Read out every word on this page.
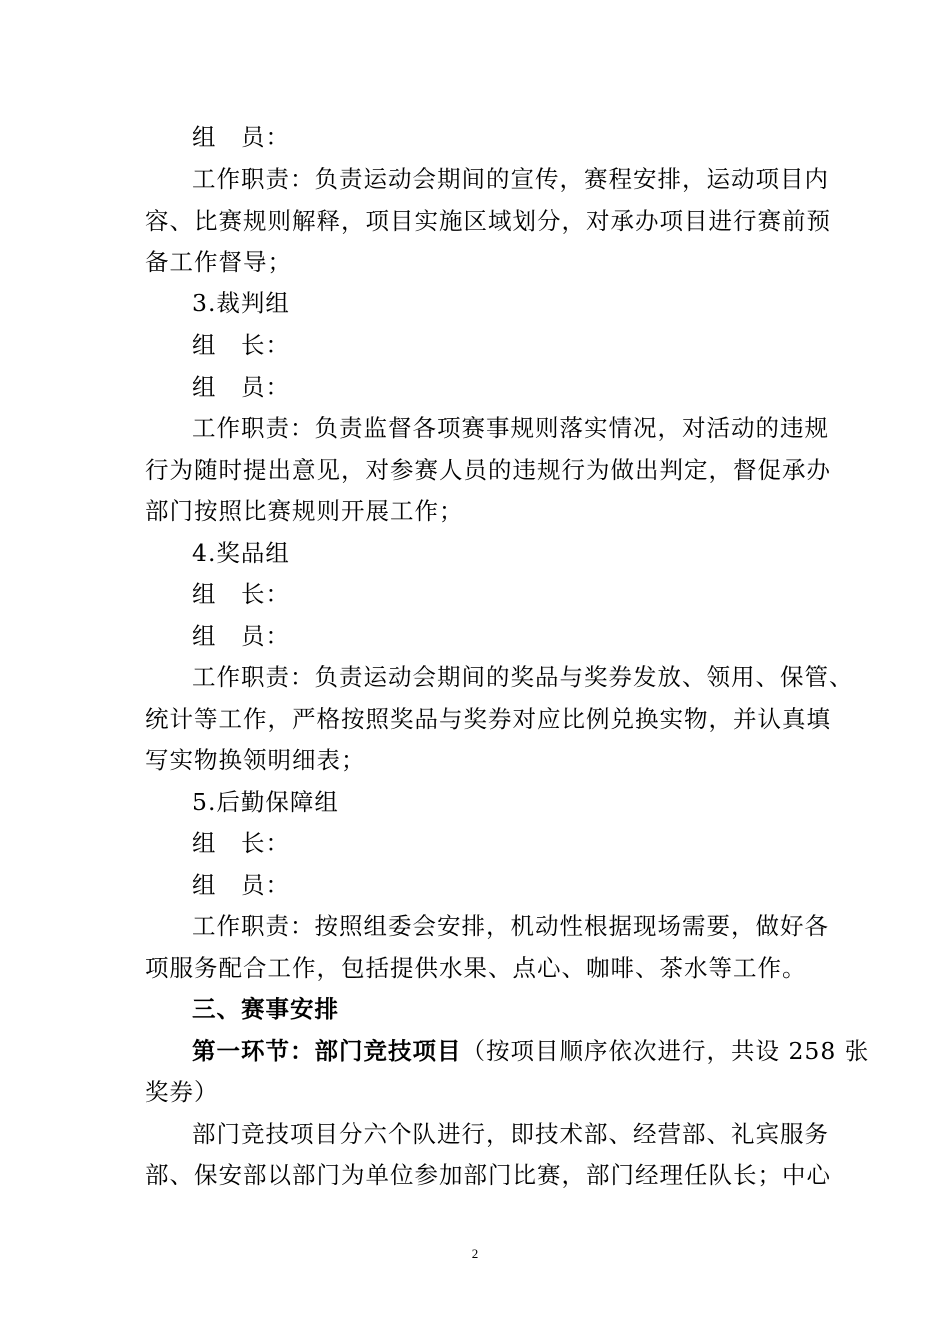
组　员：
工作职责：负责运动会期间的宣传，赛程安排，运动项目内
容、比赛规则解释，项目实施区域划分，对承办项目进行赛前预
备工作督导；
3.裁判组
组　长：
组　员：
工作职责：负责监督各项赛事规则落实情况，对活动的违规
行为随时提出意见，对参赛人员的违规行为做出判定，督促承办
部门按照比赛规则开展工作；
4.奖品组
组　长：
组　员：
工作职责：负责运动会期间的奖品与奖券发放、领用、保管、
统计等工作，严格按照奖品与奖券对应比例兑换实物，并认真填
写实物换领明细表；
5.后勤保障组
组　长：
组　员：
工作职责：按照组委会安排，机动性根据现场需要，做好各
项服务配合工作，包括提供水果、点心、咖啡、茶水等工作。
三、赛事安排
第一环节：部门竞技项目（按项目顺序依次进行，共设 258 张
奖券）
部门竞技项目分六个队进行，即技术部、经营部、礼宾服务
部、保安部以部门为单位参加部门比赛，部门经理任队长；中心
2
